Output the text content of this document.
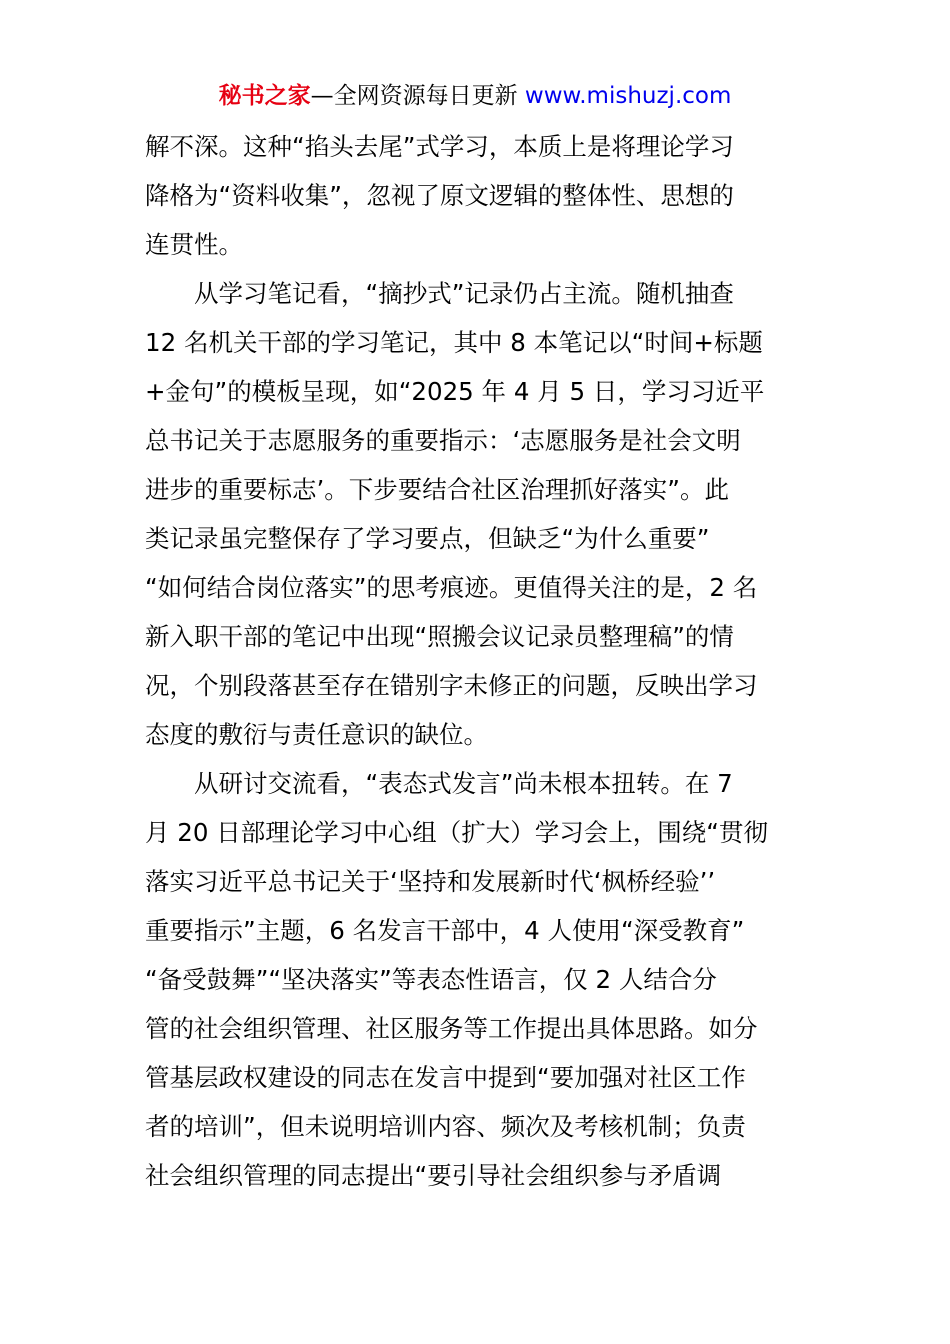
秘书之家—全网资源每日更新 www.mishuzj.com
解不深。这种“掐头去尾”式学习，本质上是将理论学习
降格为“资料收集”，忽视了原文逻辑的整体性、思想的
连贯性。
从学习笔记看，“摘抄式”记录仍占主流。随机抽查
12 名机关干部的学习笔记，其中 8 本笔记以“时间+标题
+金句”的模板呈现，如“2025 年 4 月 5 日，学习习近平
总书记关于志愿服务的重要指示：‘志愿服务是社会文明
进步的重要标志’。下步要结合社区治理抓好落实”。此
类记录虽完整保存了学习要点，但缺乏“为什么重要”
“如何结合岗位落实”的思考痕迹。更值得关注的是，2 名
新入职干部的笔记中出现“照搬会议记录员整理稿”的情
况，个别段落甚至存在错别字未修正的问题，反映出学习
态度的敷衍与责任意识的缺位。
从研讨交流看，“表态式发言”尚未根本扭转。在 7
月 20 日部理论学习中心组（扩大）学习会上，围绕“贯彻
落实习近平总书记关于‘坚持和发展新时代‘枫桥经验’’
重要指示”主题，6 名发言干部中，4 人使用“深受教育”
“备受鼓舞”“坚决落实”等表态性语言，仅 2 人结合分
管的社会组织管理、社区服务等工作提出具体思路。如分
管基层政权建设的同志在发言中提到“要加强对社区工作
者的培训”，但未说明培训内容、频次及考核机制；负责
社会组织管理的同志提出“要引导社会组织参与矛盾调
